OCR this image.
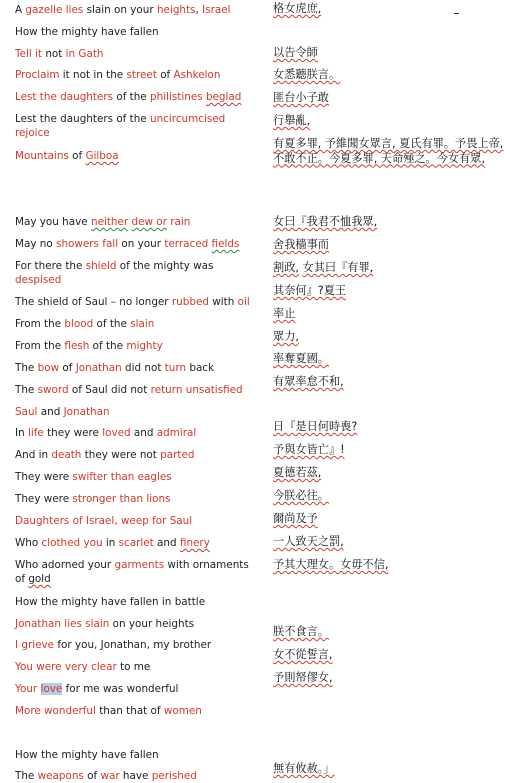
A gazelle lies slain on your heights, Israel
How the mighty have fallen
Tell it not in Gath
Proclaim it not in the street of Ashkelon
Lest the daughters of the philistines beglad
Lest the daughters of the uncircumcised rejoice
Mountains of Gilboa
May you have neither dew or rain
May no showers fall on your terraced fields
For there the shield of the mighty was despised
The shield of Saul – no longer rubbed with oil
From the blood of the slain
From the flesh of the mighty
The bow of Jonathan did not turn back
The sword of Saul did not return unsatisfied
Saul and Jonathan
In life they were loved and admiral
And in death they were not parted
They were swifter than eagles
They were stronger than lions
Daughters of Israel, weep for Saul
Who clothed you in scarlet and finery
Who adorned your garments with ornaments of gold
How the mighty have fallen in battle
Jonathan lies slain on your heights
I grieve for you, Jonathan, my brother
You were very clear to me
Your love for me was wonderful
More wonderful than that of women
How the mighty have fallen
The weapons of war have perished
格女虎庶,
以告令師
女悉聽朕言。
匪台小子敢
行舉亂,
有夏多罪, 予維聞女眾言, 夏氏有罪。予畏上帝, 不敢不正。今夏多罪, 天命殛之。今女有眾,
女曰『我君不恤我眾,
舍我穡事而
割政, 女其曰『有罪,
其奈何』?夏王
率止
眾力,
率奪夏國。
有眾率怠不和,
日『是日何時喪?
予與女皆亡』!
夏德若茲,
今朕必往。
爾尚及予
一人致天之罰,
予其大理女。女毋不信,
朕不食言。
女不從誓言,
予則帑僇女,
無有攸赦。」
